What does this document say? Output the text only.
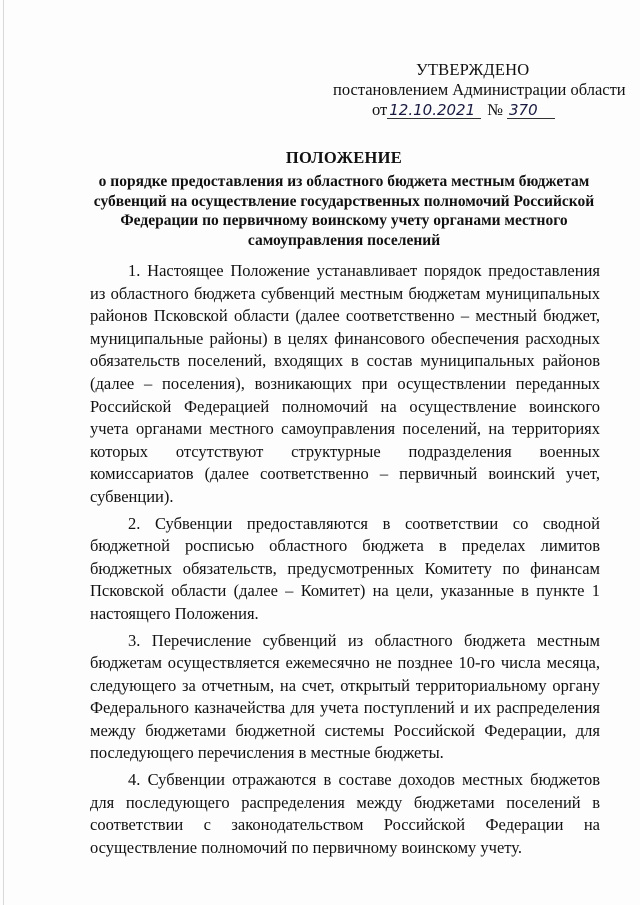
УТВЕРЖДЕНО
постановлением Администрации области
от 12.10.2021 № 370
ПОЛОЖЕНИЕ
о порядке предоставления из областного бюджета местным бюджетам субвенций на осуществление государственных полномочий Российской Федерации по первичному воинскому учету органами местного самоуправления поселений

1. Настоящее Положение устанавливает порядок предоставления из областного бюджета субвенций местным бюджетам муниципальных районов Псковской области (далее соответственно – местный бюджет, муниципальные районы) в целях финансового обеспечения расходных обязательств поселений, входящих в состав муниципальных районов (далее – поселения), возникающих при осуществлении переданных Российской Федерацией полномочий на осуществление воинского учета органами местного самоуправления поселений, на территориях которых отсутствуют структурные подразделения военных комиссариатов (далее соответственно – первичный воинский учет, субвенции).

2. Субвенции предоставляются в соответствии со сводной бюджетной росписью областного бюджета в пределах лимитов бюджетных обязательств, предусмотренных Комитету по финансам Псковской области (далее – Комитет) на цели, указанные в пункте 1 настоящего Положения.

3. Перечисление субвенций из областного бюджета местным бюджетам осуществляется ежемесячно не позднее 10-го числа месяца, следующего за отчетным, на счет, открытый территориальному органу Федерального казначейства для учета поступлений и их распределения между бюджетами бюджетной системы Российской Федерации, для последующего перечисления в местные бюджеты.

4. Субвенции отражаются в составе доходов местных бюджетов для последующего распределения между бюджетами поселений в соответствии с законодательством Российской Федерации на осуществление полномочий по первичному воинскому учету.
